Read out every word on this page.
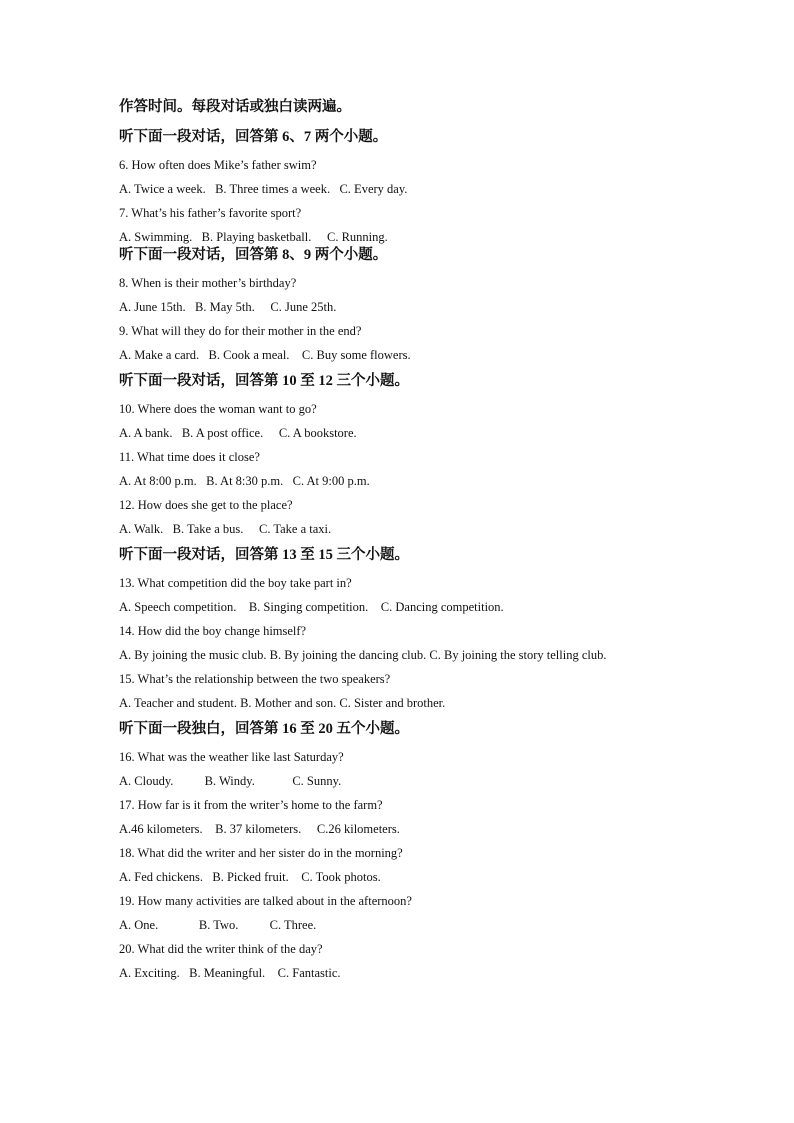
作答时间。每段对话或独白读两遍。
听下面一段对话，回答第 6、7 两个小题。
6. How often does Mike’s father swim?
A. Twice a week.   B. Three times a week.   C. Every day.
7. What’s his father’s favorite sport?
A. Swimming.   B. Playing basketball.     C. Running.
听下面一段对话，回答第 8、9 两个小题。
8. When is their mother’s birthday?
A. June 15th.   B. May 5th.     C. June 25th.
9. What will they do for their mother in the end?
A. Make a card.   B. Cook a meal.    C. Buy some flowers.
听下面一段对话，回答第 10 至 12 三个小题。
10. Where does the woman want to go?
A. A bank.   B. A post office.     C. A bookstore.
11. What time does it close?
A. At 8:00 p.m.   B. At 8:30 p.m.   C. At 9:00 p.m.
12. How does she get to the place?
A. Walk.   B. Take a bus.     C. Take a taxi.
听下面一段对话，回答第 13 至 15 三个小题。
13. What competition did the boy take part in?
A. Speech competition.    B. Singing competition.    C. Dancing competition.
14. How did the boy change himself?
A. By joining the music club. B. By joining the dancing club. C. By joining the story telling club.
15. What’s the relationship between the two speakers?
A. Teacher and student. B. Mother and son. C. Sister and brother.
听下面一段独白，回答第 16 至 20 五个小题。
16. What was the weather like last Saturday?
A. Cloudy.          B. Windy.            C. Sunny.
17. How far is it from the writer’s home to the farm?
A.46 kilometers.    B. 37 kilometers.     C.26 kilometers.
18. What did the writer and her sister do in the morning?
A. Fed chickens.   B. Picked fruit.    C. Took photos.
19. How many activities are talked about in the afternoon?
A. One.             B. Two.          C. Three.
20. What did the writer think of the day?
A. Exciting.   B. Meaningful.    C. Fantastic.
